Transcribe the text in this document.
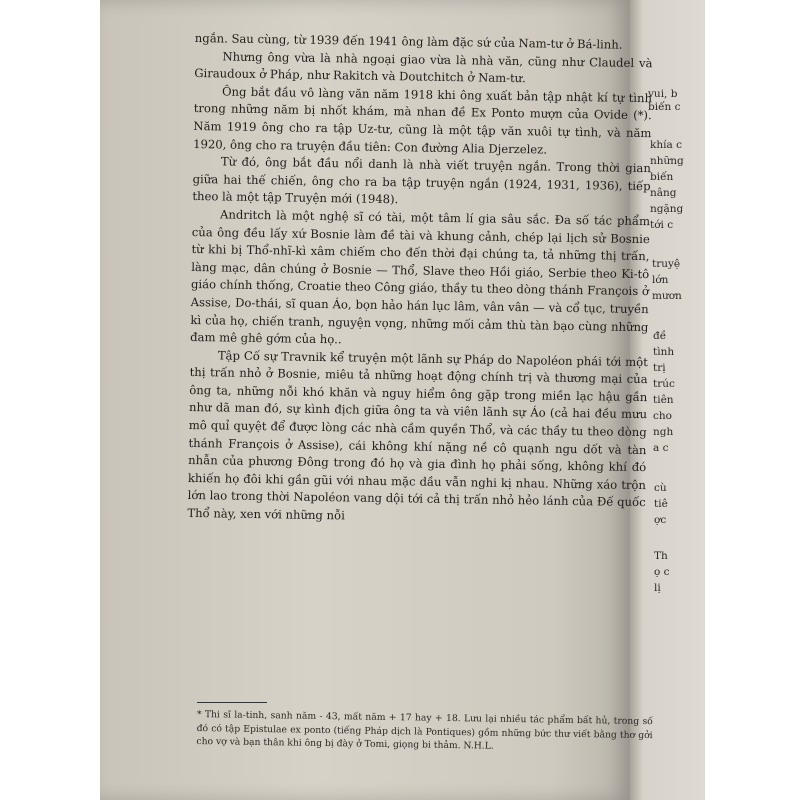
ngắn. Sau cùng, từ 1939 đến 1941 ông làm đặc sứ của Nam-tư ở Bá-linh.

Nhưng ông vừa là nhà ngoại giao vừa là nhà văn, cũng như Claudel và Giraudoux ở Pháp, như Rakitch và Doutchitch ở Nam-tư.

Ông bắt đầu vô làng văn năm 1918 khi ông xuất bản tập nhật kí tự tình trong những năm bị nhốt khám, mà nhan đề Ex Ponto mượn của Ovide (*). Năm 1919 ông cho ra tập Uz-tư, cũng là một tập văn xuôi tự tình, và năm 1920, ông cho ra truyện đầu tiên: Con đường Alia Djerzelez.

Từ đó, ông bắt đầu nổi danh là nhà viết truyện ngắn. Trong thời gian giữa hai thế chiến, ông cho ra ba tập truyện ngắn (1924, 1931, 1936), tiếp theo là một tập Truyện mới (1948).

Andritch là một nghệ sĩ có tài, một tâm lí gia sâu sắc. Đa số tác phẩm của ông đều lấy xứ Bosnie làm đề tài và khung cảnh, chép lại lịch sử Bosnie từ khi bị Thổ-nhĩ-kì xâm chiếm cho đến thời đại chúng ta, tả những thị trấn, làng mạc, dân chúng ở Bosnie — Thổ, Slave theo Hồi giáo, Serbie theo Ki-tô giáo chính thống, Croatie theo Công giáo, thầy tu theo dòng thánh François ở Assise, Do-thái, sĩ quan Áo, bọn hảo hán lục lâm, vân vân — và cổ tục, truyền kì của họ, chiến tranh, nguyện vọng, những mối cảm thù tàn bạo cùng những đam mê ghê gớm của họ..

Tập Cố sự Travnik kể truyện một lãnh sự Pháp do Napoléon phái tới một thị trấn nhỏ ở Bosnie, miêu tả những hoạt động chính trị và thương mại của ông ta, những nỗi khó khăn và nguy hiểm ông gặp trong miền lạc hậu gần như dã man đó, sự kình địch giữa ông ta và viên lãnh sự Áo (cả hai đều mưu mô quỉ quyệt để được lòng các nhà cầm quyền Thổ, và các thầy tu theo dòng thánh François ở Assise), cái không khí nặng nề cô quạnh ngu dốt và tàn nhẫn của phương Đông trong đó họ và gia đình họ phải sống, không khí đó khiến họ đôi khi gần gũi với nhau mặc dầu vẫn nghi kị nhau. Những xáo trộn lớn lao trong thời Napoléon vang dội tới cả thị trấn nhỏ hẻo lánh của Đế quốc Thổ này, xen với những nỗi

* Thi sĩ la-tinh, sanh năm - 43, mất năm + 17 hay + 18. Lưu lại nhiều tác phẩm bất hủ, trong số đó có tập Epistulae ex ponto (tiếng Pháp dịch là Pontiques) gồm những bức thư viết bằng thơ gởi cho vợ và bạn thân khi ông bị đày ở Tomi, giọng bi thảm. N.H.L.
vui, b
biến c
khía c
những
biến
nâng
ngặng
tới c
truyệ
lớn
mươn
đề
tình
trị
trúc
tiên
cho
ngh
a c
cù
tiê
ợc
Th
ọ c
lị
